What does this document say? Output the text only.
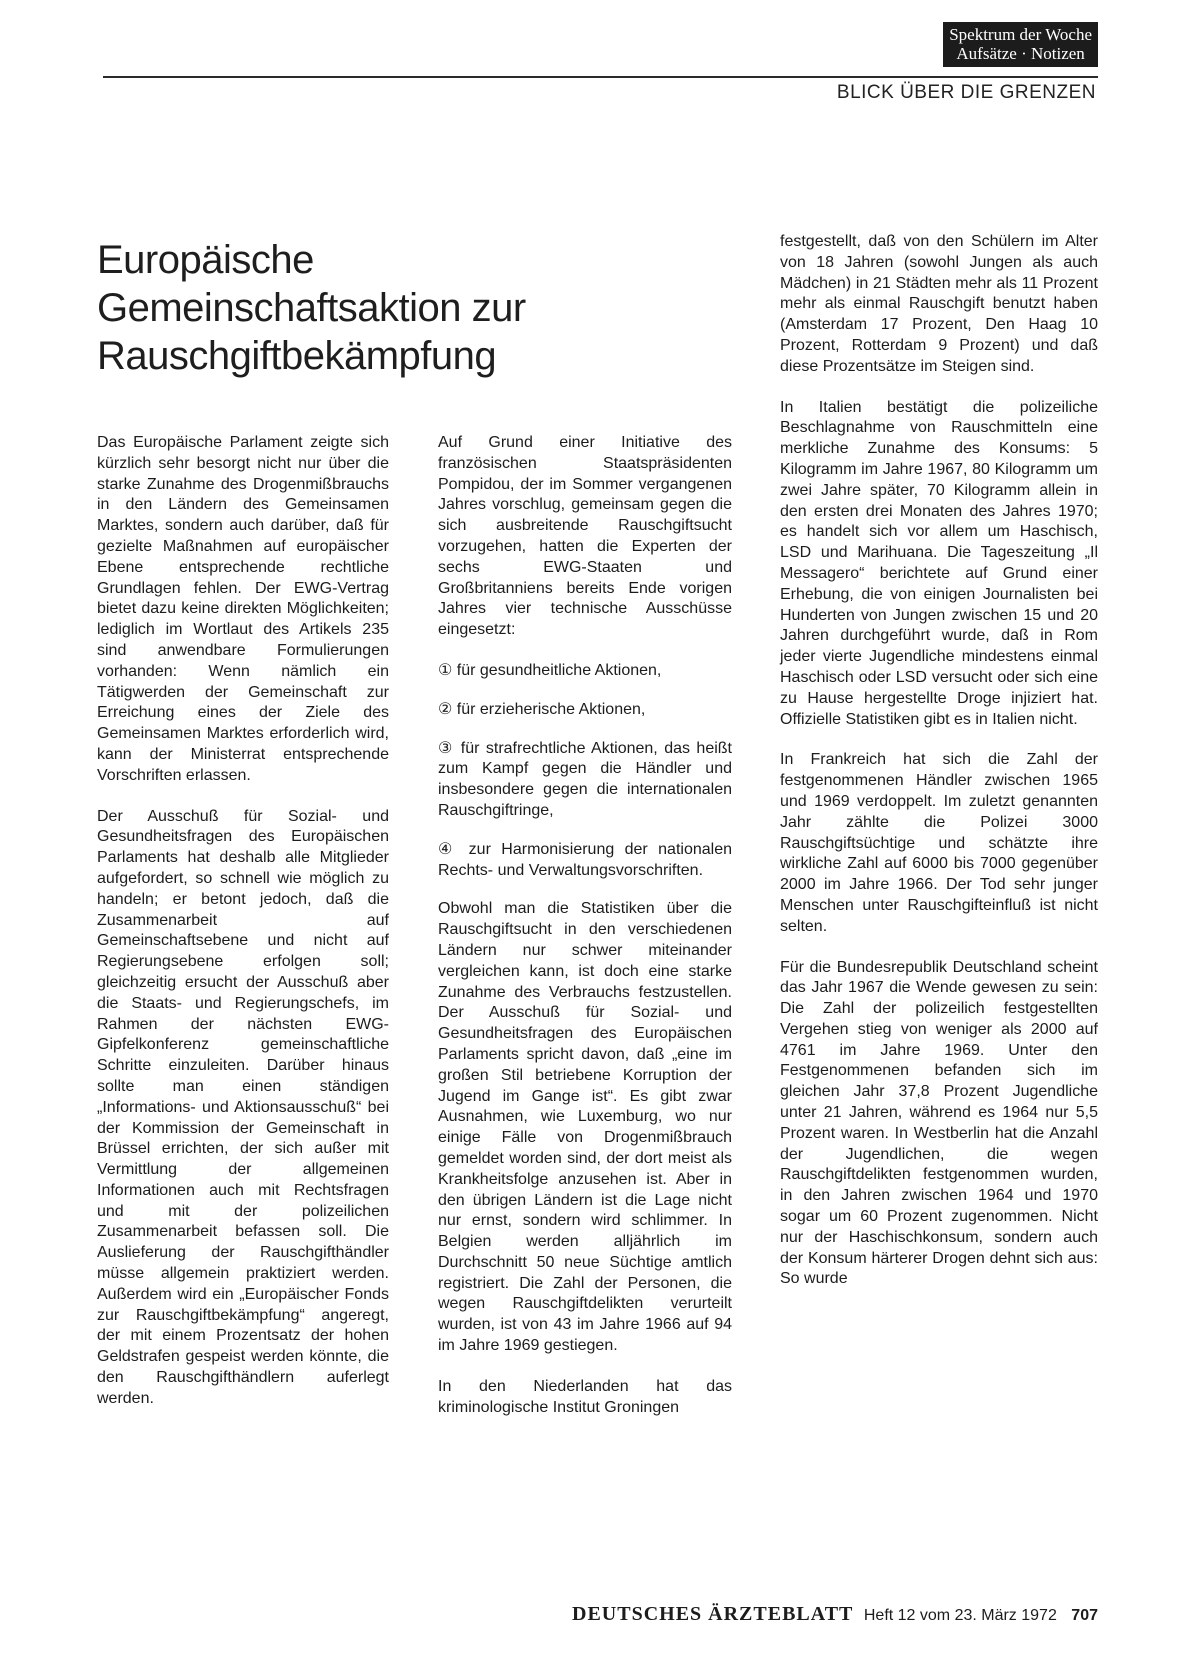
Spektrum der Woche
Aufsätze · Notizen
BLICK ÜBER DIE GRENZEN
Europäische
Gemeinschaftsaktion zur
Rauschgiftbekämpfung

Das Europäische Parlament zeigte sich kürzlich sehr besorgt nicht nur über die starke Zunahme des Drogenmißbrauchs in den Ländern des Gemeinsamen Marktes, sondern auch darüber, daß für gezielte Maßnahmen auf europäischer Ebene entsprechende rechtliche Grundlagen fehlen. Der EWG-Vertrag bietet dazu keine direkten Möglichkeiten; lediglich im Wortlaut des Artikels 235 sind anwendbare Formulierungen vorhanden: Wenn nämlich ein Tätigwerden der Gemeinschaft zur Erreichung eines der Ziele des Gemeinsamen Marktes erforderlich wird, kann der Ministerrat entsprechende Vorschriften erlassen.

Der Ausschuß für Sozial- und Gesundheitsfragen des Europäischen Parlaments hat deshalb alle Mitglieder aufgefordert, so schnell wie möglich zu handeln; er betont jedoch, daß die Zusammenarbeit auf Gemeinschaftsebene und nicht auf Regierungsebene erfolgen soll; gleichzeitig ersucht der Ausschuß aber die Staats- und Regierungschefs, im Rahmen der nächsten EWG-Gipfelkonferenz gemeinschaftliche Schritte einzuleiten. Darüber hinaus sollte man einen ständigen „Informations- und Aktionsausschuß“ bei der Kommission der Gemeinschaft in Brüssel errichten, der sich außer mit Vermittlung der allgemeinen Informationen auch mit Rechtsfragen und mit der polizeilichen Zusammenarbeit befassen soll. Die Auslieferung der Rauschgifthändler müsse allgemein praktiziert werden. Außerdem wird ein „Europäischer Fonds zur Rauschgiftbekämpfung“ angeregt, der mit einem Prozentsatz der hohen Geldstrafen gespeist werden könnte, die den Rauschgifthändlern auferlegt werden.

Auf Grund einer Initiative des französischen Staatspräsidenten Pompidou, der im Sommer vergangenen Jahres vorschlug, gemeinsam gegen die sich ausbreitende Rauschgiftsucht vorzugehen, hatten die Experten der sechs EWG-Staaten und Großbritanniens bereits Ende vorigen Jahres vier technische Ausschüsse eingesetzt:

① für gesundheitliche Aktionen,

② für erzieherische Aktionen,

③ für strafrechtliche Aktionen, das heißt zum Kampf gegen die Händler und insbesondere gegen die internationalen Rauschgiftringe,

④ zur Harmonisierung der nationalen Rechts- und Verwaltungsvorschriften.

Obwohl man die Statistiken über die Rauschgiftsucht in den verschiedenen Ländern nur schwer miteinander vergleichen kann, ist doch eine starke Zunahme des Verbrauchs festzustellen. Der Ausschuß für Sozial- und Gesundheitsfragen des Europäischen Parlaments spricht davon, daß „eine im großen Stil betriebene Korruption der Jugend im Gange ist“. Es gibt zwar Ausnahmen, wie Luxemburg, wo nur einige Fälle von Drogenmißbrauch gemeldet worden sind, der dort meist als Krankheitsfolge anzusehen ist. Aber in den übrigen Ländern ist die Lage nicht nur ernst, sondern wird schlimmer. In Belgien werden alljährlich im Durchschnitt 50 neue Süchtige amtlich registriert. Die Zahl der Personen, die wegen Rauschgiftdelikten verurteilt wurden, ist von 43 im Jahre 1966 auf 94 im Jahre 1969 gestiegen.

In den Niederlanden hat das kriminologische Institut Groningen

festgestellt, daß von den Schülern im Alter von 18 Jahren (sowohl Jungen als auch Mädchen) in 21 Städten mehr als 11 Prozent mehr als einmal Rauschgift benutzt haben (Amsterdam 17 Prozent, Den Haag 10 Prozent, Rotterdam 9 Prozent) und daß diese Prozentsätze im Steigen sind.

In Italien bestätigt die polizeiliche Beschlagnahme von Rauschmitteln eine merkliche Zunahme des Konsums: 5 Kilogramm im Jahre 1967, 80 Kilogramm um zwei Jahre später, 70 Kilogramm allein in den ersten drei Monaten des Jahres 1970; es handelt sich vor allem um Haschisch, LSD und Marihuana. Die Tageszeitung „Il Messagero“ berichtete auf Grund einer Erhebung, die von einigen Journalisten bei Hunderten von Jungen zwischen 15 und 20 Jahren durchgeführt wurde, daß in Rom jeder vierte Jugendliche mindestens einmal Haschisch oder LSD versucht oder sich eine zu Hause hergestellte Droge injiziert hat. Offizielle Statistiken gibt es in Italien nicht.

In Frankreich hat sich die Zahl der festgenommenen Händler zwischen 1965 und 1969 verdoppelt. Im zuletzt genannten Jahr zählte die Polizei 3000 Rauschgiftsüchtige und schätzte ihre wirkliche Zahl auf 6000 bis 7000 gegenüber 2000 im Jahre 1966. Der Tod sehr junger Menschen unter Rauschgifteinfluß ist nicht selten.

Für die Bundesrepublik Deutschland scheint das Jahr 1967 die Wende gewesen zu sein: Die Zahl der polizeilich festgestellten Vergehen stieg von weniger als 2000 auf 4761 im Jahre 1969. Unter den Festgenommenen befanden sich im gleichen Jahr 37,8 Prozent Jugendliche unter 21 Jahren, während es 1964 nur 5,5 Prozent waren. In Westberlin hat die Anzahl der Jugendlichen, die wegen Rauschgiftdelikten festgenommen wurden, in den Jahren zwischen 1964 und 1970 sogar um 60 Prozent zugenommen. Nicht nur der Haschischkonsum, sondern auch der Konsum härterer Drogen dehnt sich aus: So wurde

DEUTSCHES ÄRZTEBLATT Heft 12 vom 23. März 1972 707
